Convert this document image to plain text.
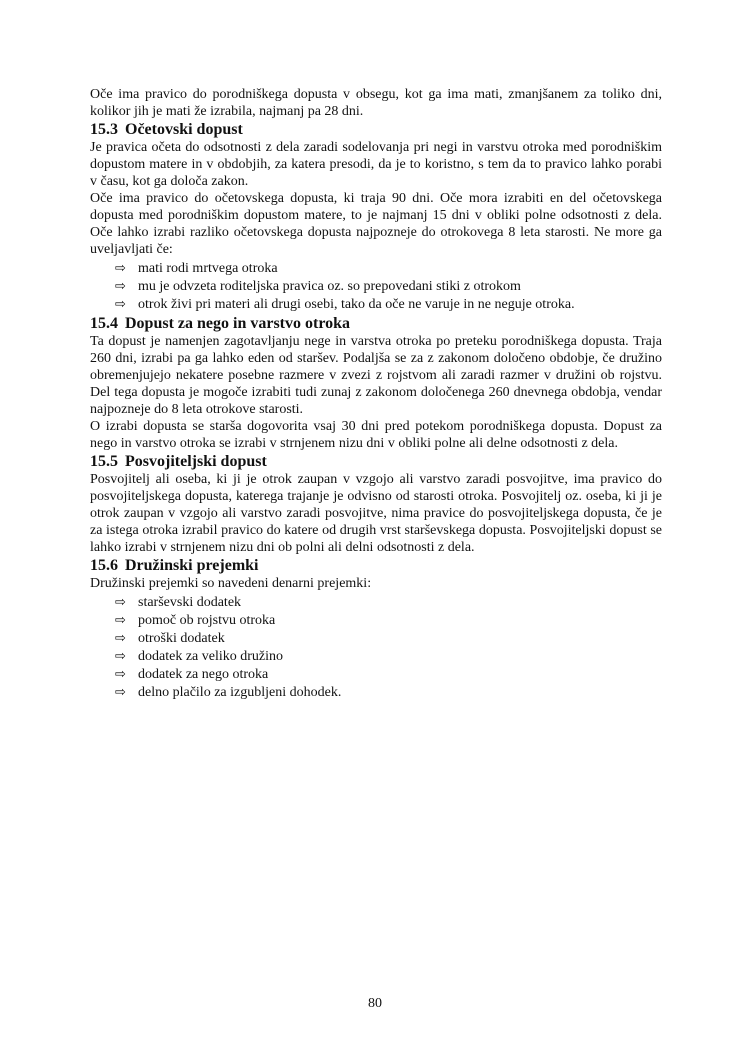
Oče ima pravico do porodniškega dopusta v obsegu, kot ga ima mati, zmanjšanem za toliko dni, kolikor jih je mati že izrabila, najmanj pa 28 dni.

15.3 Očetovski dopust

Je pravica očeta do odsotnosti z dela zaradi sodelovanja pri negi in varstvu otroka med porodniškim dopustom matere in v obdobjih, za katera presodi, da je to koristno, s tem da to pravico lahko porabi v času, kot ga določa zakon.

Oče ima pravico do očetovskega dopusta, ki traja 90 dni. Oče mora izrabiti en del očetovskega dopusta med porodniškim dopustom matere, to je najmanj 15 dni v obliki polne odsotnosti z dela. Oče lahko izrabi razliko očetovskega dopusta najpozneje do otrokovega 8 leta starosti. Ne more ga uveljavljati če:

⇨ mati rodi mrtvega otroka
⇨ mu je odvzeta roditeljska pravica oz. so prepovedani stiki z otrokom
⇨ otrok živi pri materi ali drugi osebi, tako da oče ne varuje in ne neguje otroka.
15.4 Dopust za nego in varstvo otroka

Ta dopust je namenjen zagotavljanju nege in varstva otroka po preteku porodniškega dopusta. Traja 260 dni, izrabi pa ga lahko eden od staršev. Podaljša se za z zakonom določeno obdobje, če družino obremenjujejo nekatere posebne razmere v zvezi z rojstvom ali zaradi razmer v družini ob rojstvu. Del tega dopusta je mogoče izrabiti tudi zunaj z zakonom določenega 260 dnevnega obdobja, vendar najpozneje do 8 leta otrokove starosti.

O izrabi dopusta se starša dogovorita vsaj 30 dni pred potekom porodniškega dopusta. Dopust za nego in varstvo otroka se izrabi v strnjenem nizu dni v obliki polne ali delne odsotnosti z dela.

15.5 Posvojiteljski dopust

Posvojitelj ali oseba, ki ji je otrok zaupan v vzgojo ali varstvo zaradi posvojitve, ima pravico do posvojiteljskega dopusta, katerega trajanje je odvisno od starosti otroka. Posvojitelj oz. oseba, ki ji je otrok zaupan v vzgojo ali varstvo zaradi posvojitve, nima pravice do posvojiteljskega dopusta, če je za istega otroka izrabil pravico do katere od drugih vrst starševskega dopusta. Posvojiteljski dopust se lahko izrabi v strnjenem nizu dni ob polni ali delni odsotnosti z dela.

15.6 Družinski prejemki

Družinski prejemki so navedeni denarni prejemki:

⇨ starševski dodatek
⇨ pomoč ob rojstvu otroka
⇨ otroški dodatek
⇨ dodatek za veliko družino
⇨ dodatek za nego otroka
⇨ delno plačilo za izgubljeni dohodek.
80
